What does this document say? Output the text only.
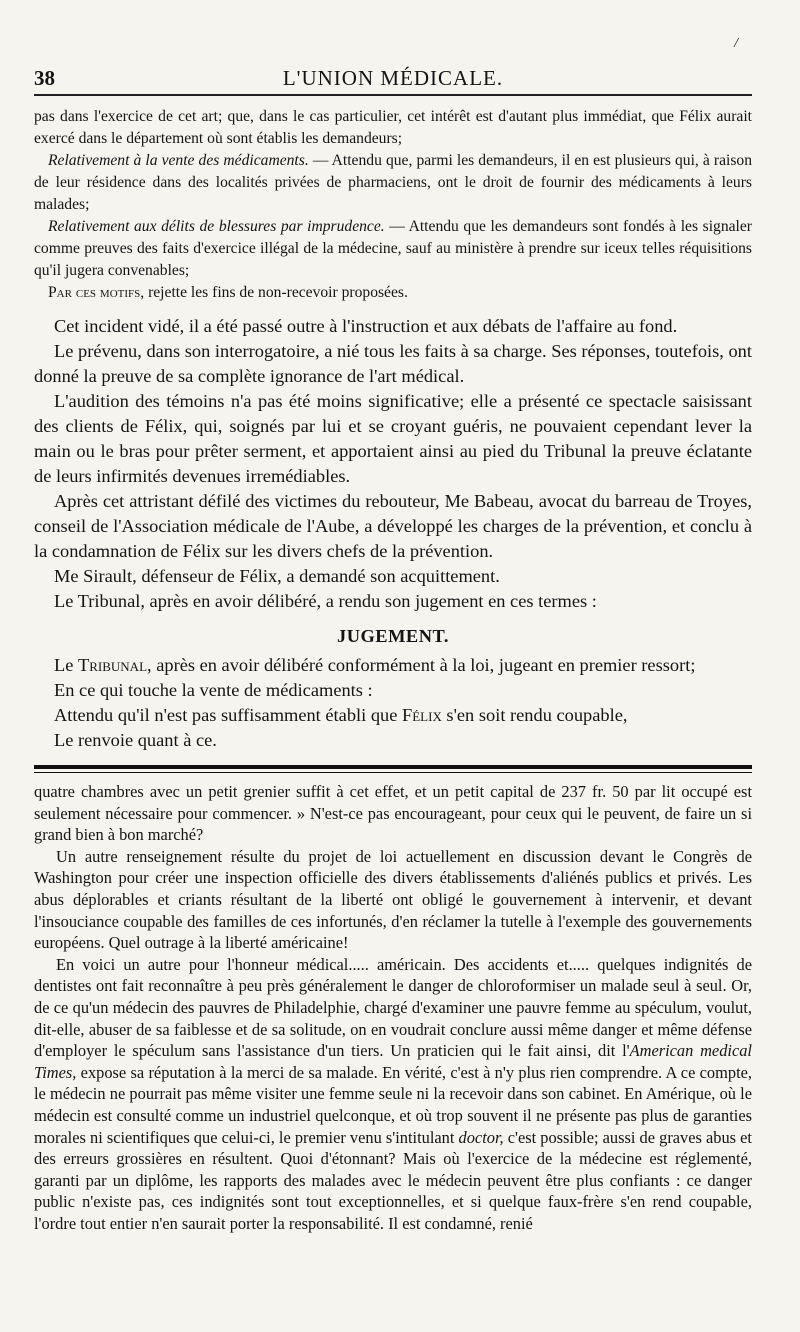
/
38	L'UNION MÉDICALE.

pas dans l'exercice de cet art; que, dans le cas particulier, cet intérêt est d'autant plus immédiat, que Félix aurait exercé dans le département où sont établis les demandeurs;

Relativement à la vente des médicaments. — Attendu que, parmi les demandeurs, il en est plusieurs qui, à raison de leur résidence dans des localités privées de pharmaciens, ont le droit de fournir des médicaments à leurs malades;

Relativement aux délits de blessures par imprudence. — Attendu que les demandeurs sont fondés à les signaler comme preuves des faits d'exercice illégal de la médecine, sauf au ministère à prendre sur iceux telles réquisitions qu'il jugera convenables;

Par ces motifs, rejette les fins de non-recevoir proposées.

Cet incident vidé, il a été passé outre à l'instruction et aux débats de l'affaire au fond.

Le prévenu, dans son interrogatoire, a nié tous les faits à sa charge. Ses réponses, toutefois, ont donné la preuve de sa complète ignorance de l'art médical.

L'audition des témoins n'a pas été moins significative; elle a présenté ce spectacle saisissant des clients de Félix, qui, soignés par lui et se croyant guéris, ne pouvaient cependant lever la main ou le bras pour prêter serment, et apportaient ainsi au pied du Tribunal la preuve éclatante de leurs infirmités devenues irremédiables.

Après cet attristant défilé des victimes du rebouteur, Me Babeau, avocat du barreau de Troyes, conseil de l'Association médicale de l'Aube, a développé les charges de la prévention, et conclu à la condamnation de Félix sur les divers chefs de la prévention.

Me Sirault, défenseur de Félix, a demandé son acquittement.

Le Tribunal, après en avoir délibéré, a rendu son jugement en ces termes :

JUGEMENT.

Le Tribunal, après en avoir délibéré conformément à la loi, jugeant en premier ressort;

En ce qui touche la vente de médicaments :

Attendu qu'il n'est pas suffisamment établi que Félix s'en soit rendu coupable,

Le renvoie quant à ce.

quatre chambres avec un petit grenier suffit à cet effet, et un petit capital de 237 fr. 50 par lit occupé est seulement nécessaire pour commencer. » N'est-ce pas encourageant, pour ceux qui le peuvent, de faire un si grand bien à bon marché?

Un autre renseignement résulte du projet de loi actuellement en discussion devant le Congrès de Washington pour créer une inspection officielle des divers établissements d'aliénés publics et privés. Les abus déplorables et criants résultant de la liberté ont obligé le gouvernement à intervenir, et devant l'insouciance coupable des familles de ces infortunés, d'en réclamer la tutelle à l'exemple des gouvernements européens. Quel outrage à la liberté américaine!

En voici un autre pour l'honneur médical..... américain. Des accidents et..... quelques indignités de dentistes ont fait reconnaître à peu près généralement le danger de chloroformiser un malade seul à seul. Or, de ce qu'un médecin des pauvres de Philadelphie, chargé d'examiner une pauvre femme au spéculum, voulut, dit-elle, abuser de sa faiblesse et de sa solitude, on en voudrait conclure aussi même danger et même défense d'employer le spéculum sans l'assistance d'un tiers. Un praticien qui le fait ainsi, dit l'American medical Times, expose sa réputation à la merci de sa malade. En vérité, c'est à n'y plus rien comprendre. A ce compte, le médecin ne pourrait pas même visiter une femme seule ni la recevoir dans son cabinet. En Amérique, où le médecin est consulté comme un industriel quelconque, et où trop souvent il ne présente pas plus de garanties morales ni scientifiques que celui-ci, le premier venu s'intitulant doctor, c'est possible; aussi de graves abus et des erreurs grossières en résultent. Quoi d'étonnant? Mais où l'exercice de la médecine est réglementé, garanti par un diplôme, les rapports des malades avec le médecin peuvent être plus confiants : ce danger public n'existe pas, ces indignités sont tout exceptionnelles, et si quelque faux-frère s'en rend coupable, l'ordre tout entier n'en saurait porter la responsabilité. Il est condamné, renié
